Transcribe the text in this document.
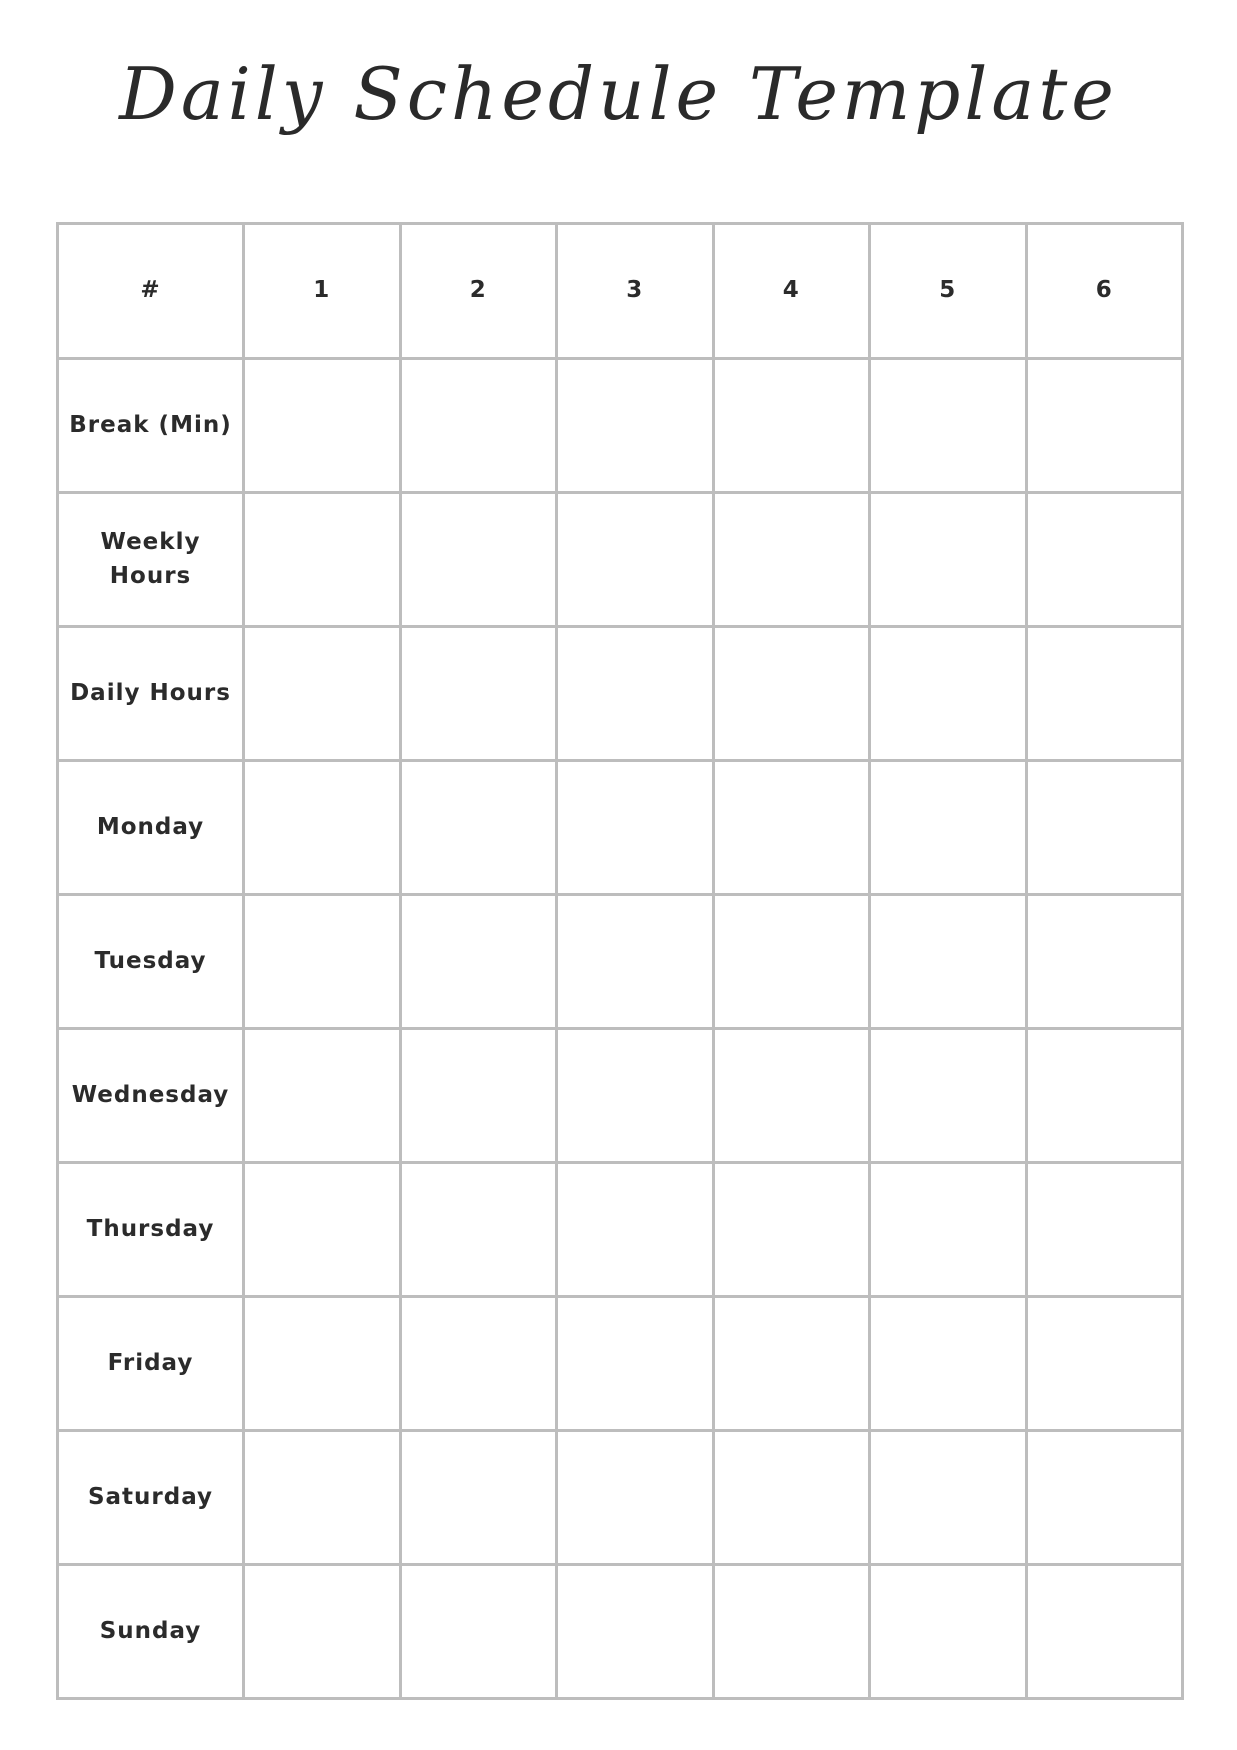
Daily Schedule Template
#	1	2	3	4	5	6
Break (Min)						
Weekly Hours						
Daily Hours						
Monday						
Tuesday						
Wednesday						
Thursday						
Friday						
Saturday						
Sunday						
